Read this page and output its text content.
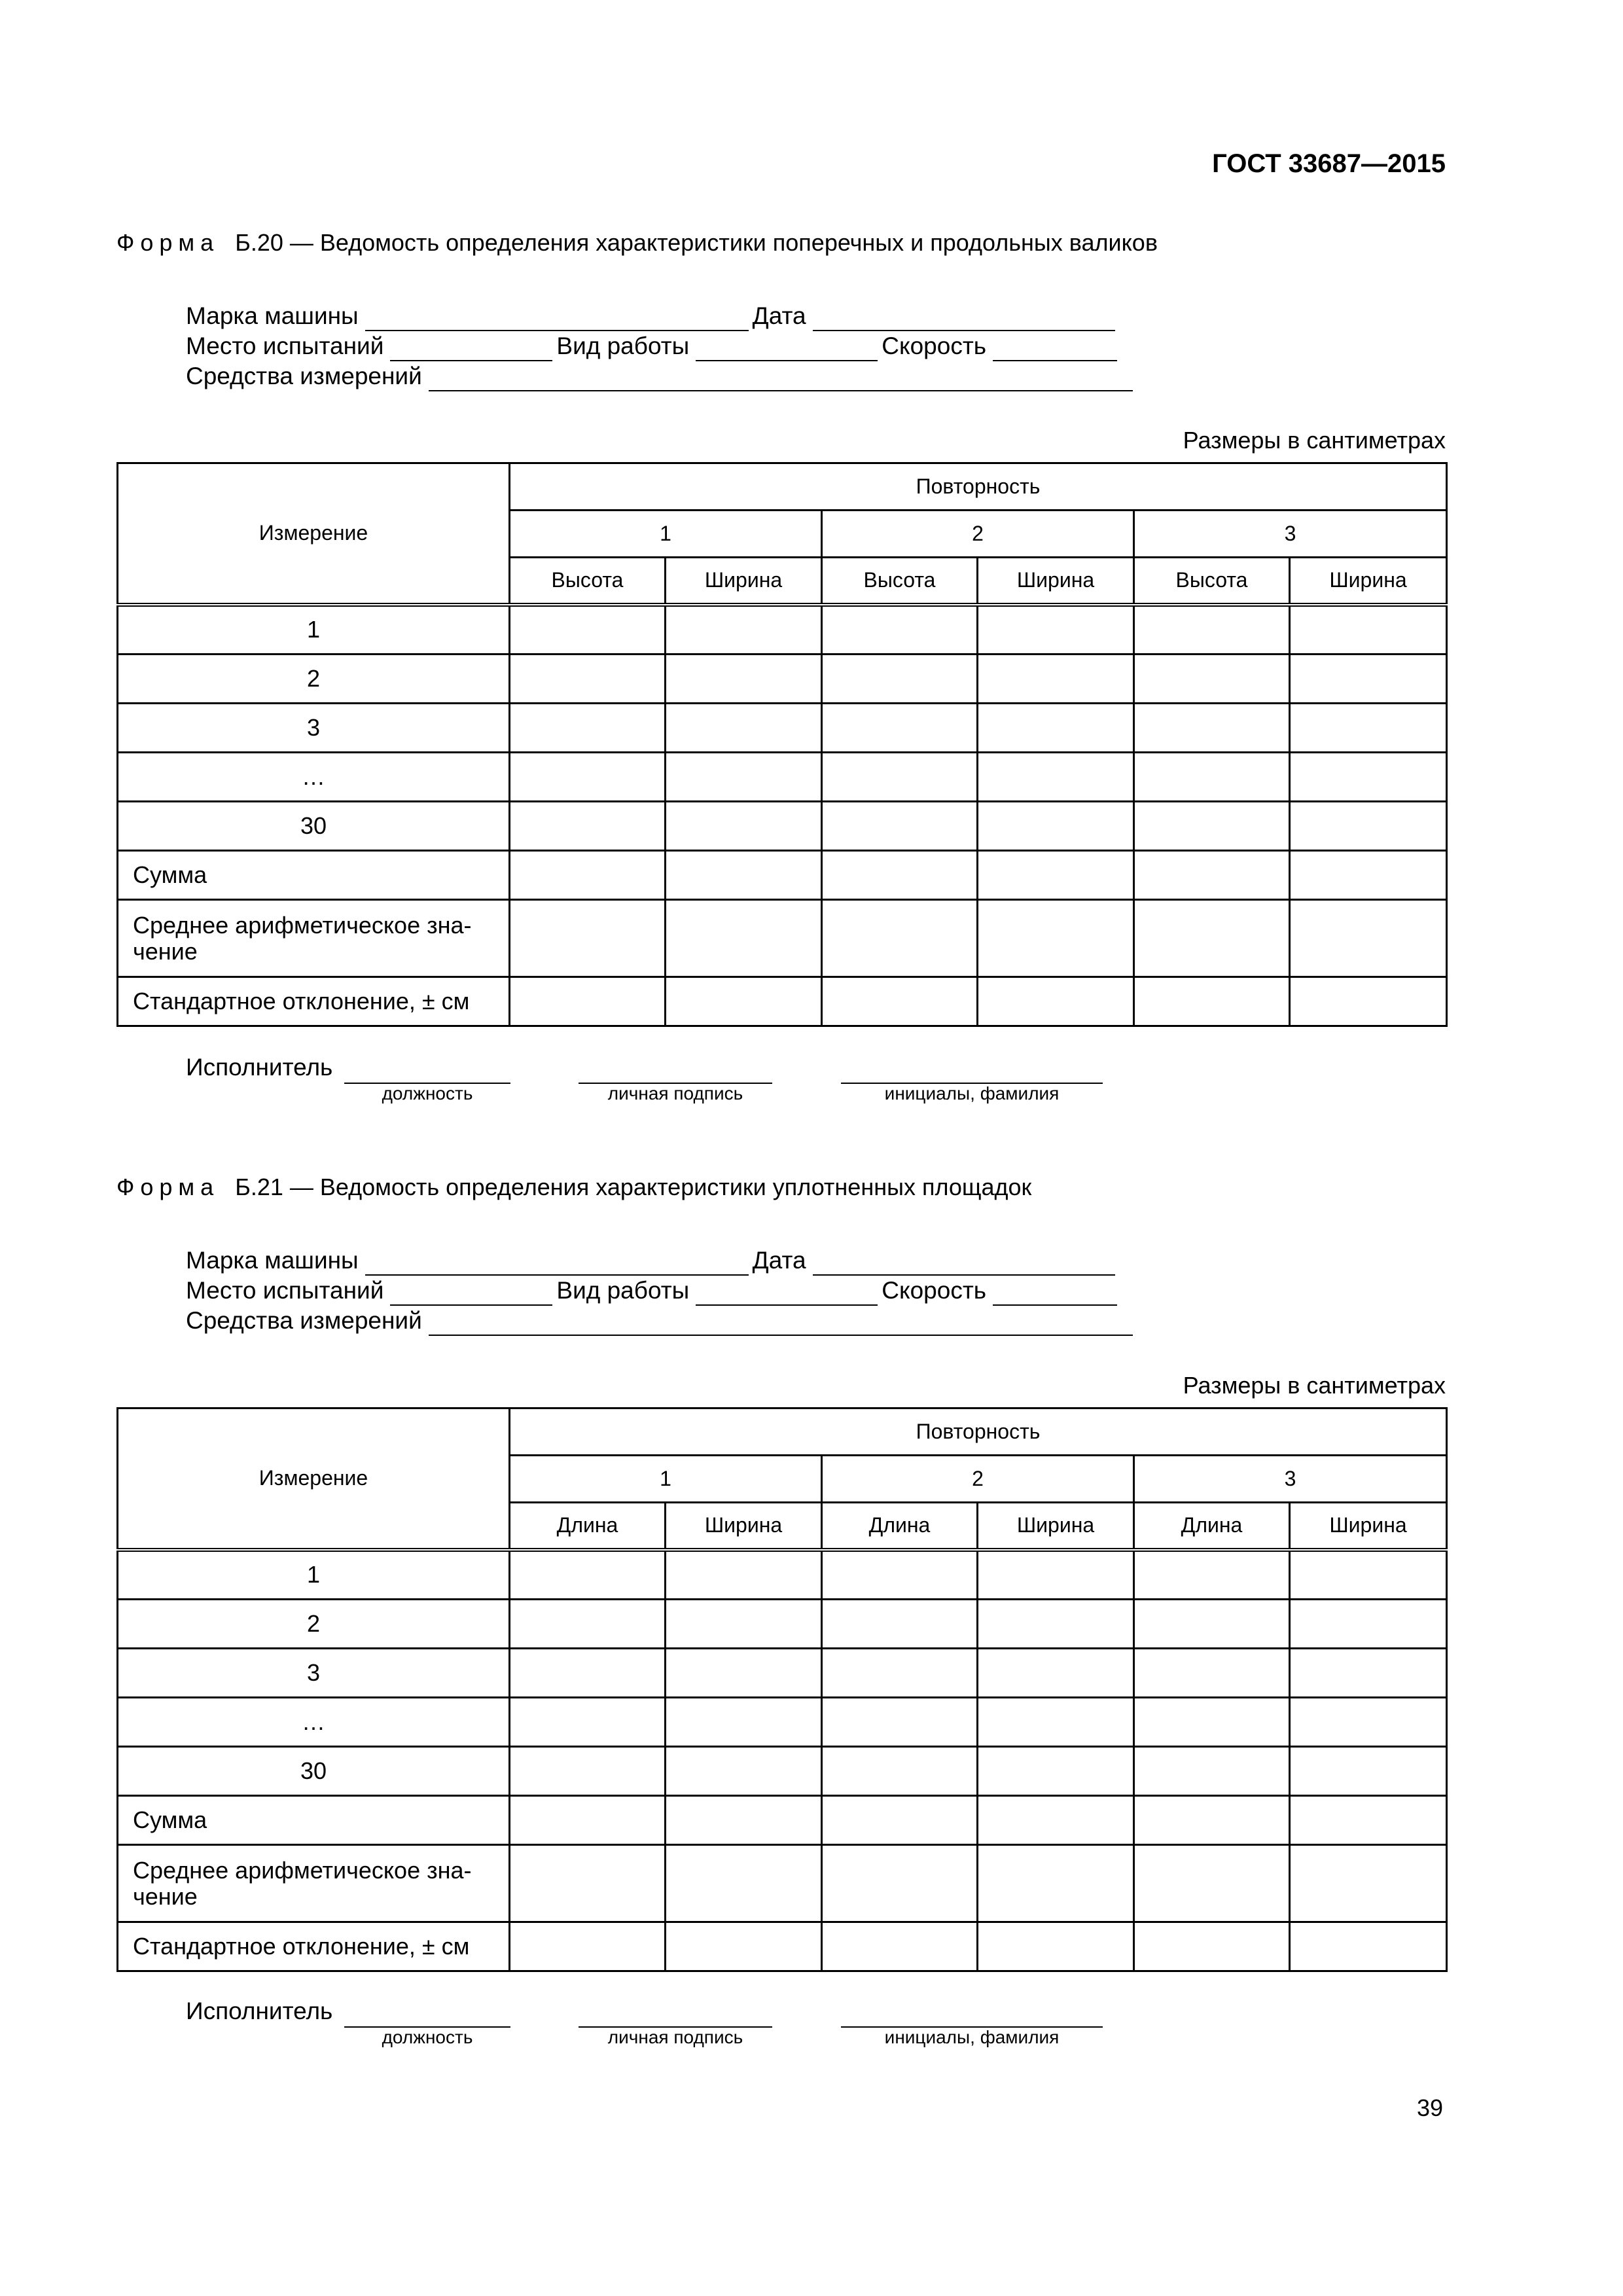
ГОСТ 33687—2015
Форма Б.20 — Ведомость определения характеристики поперечных и продольных валиков
Марка машины	Дата
Место испытаний	Вид работы	Скорость
Средства измерений
Размеры в сантиметрах
Измерение	Повторность					
	1		2		3	
	Высота	Ширина	Высота	Ширина	Высота	Ширина
1						
2						
3						
…						
30						
Сумма						
Среднее арифметическое зна-чение						
Стандартное отклонение, ± см						
Исполнитель
должность	личная подпись	инициалы, фамилия
Форма Б.21 — Ведомость определения характеристики уплотненных площадок
Марка машины	Дата
Место испытаний	Вид работы	Скорость
Средства измерений
Размеры в сантиметрах
Измерение	Повторность					
	1		2		3	
	Длина	Ширина	Длина	Ширина	Длина	Ширина
1						
2						
3						
…						
30						
Сумма						
Среднее арифметическое зна-чение						
Стандартное отклонение, ± см						
Исполнитель
должность	личная подпись	инициалы, фамилия
39
